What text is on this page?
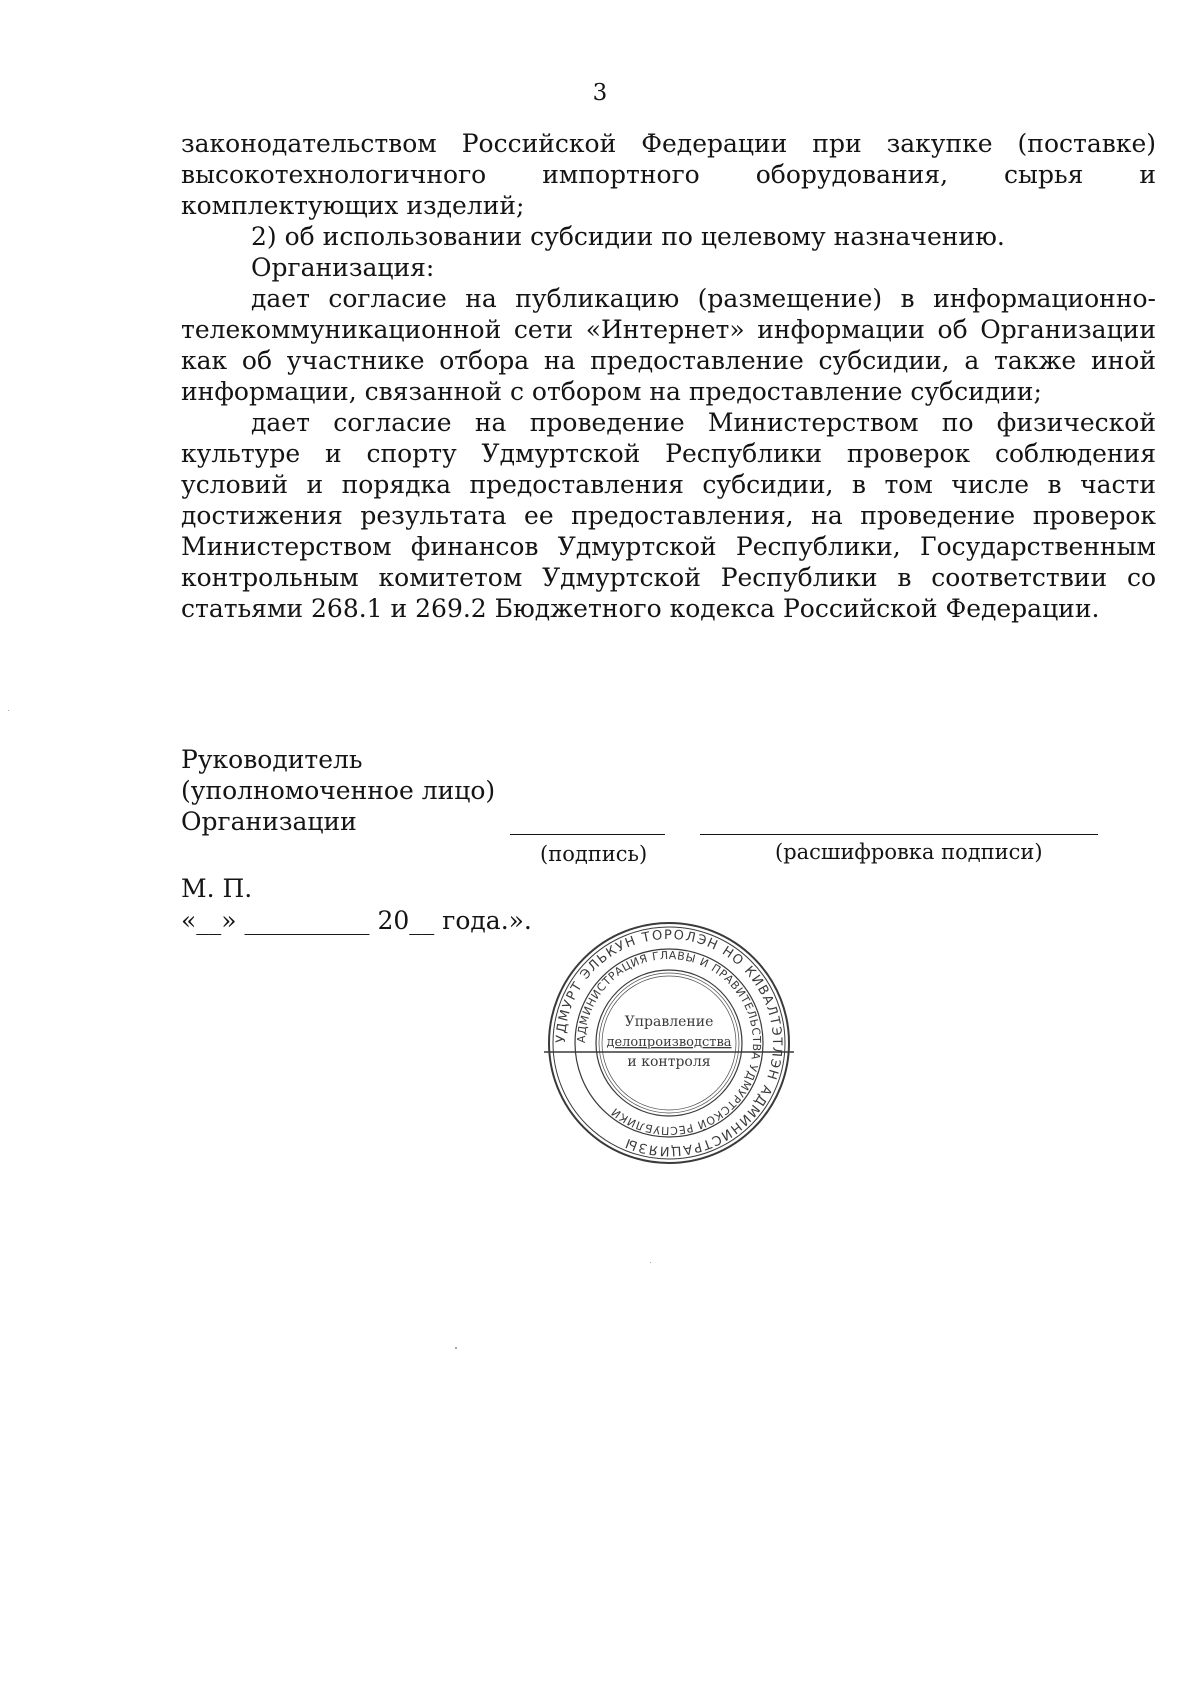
3

законодательством Российской Федерации при закупке (поставке) высокотехнологичного импортного оборудования, сырья и комплектующих изделий;

2) об использовании субсидии по целевому назначению.

Организация:

дает согласие на публикацию (размещение) в информационно-телекоммуникационной сети «Интернет» информации об Организации как об участнике отбора на предоставление субсидии, а также иной информации, связанной с отбором на предоставление субсидии;

дает согласие на проведение Министерством по физической культуре и спорту Удмуртской Республики проверок соблюдения условий и порядка предоставления субсидии, в том числе в части достижения результата ее предоставления, на проведение проверок Министерством финансов Удмуртской Республики, Государственным контрольным комитетом Удмуртской Республики в соответствии со статьями 268.1 и 269.2 Бюджетного кодекса Российской Федерации.

Руководитель
(уполномоченное лицо)
Организации
(подпись)	(расшифровка подписи)
М. П.
«__» __________ 20__ года.».
УДМУРТ ЭЛЬКУН ТОРОЛЭН НО КИВАЛТЭТЛЭН АДМИНИСТРАЦИЯЗЫ
АДМИНИСТРАЦИЯ ГЛАВЫ И ПРАВИТЕЛЬСТВА УДМУРТСКОЙ РЕСПУБЛИКИ
Управление
делопроизводства
и контроля
